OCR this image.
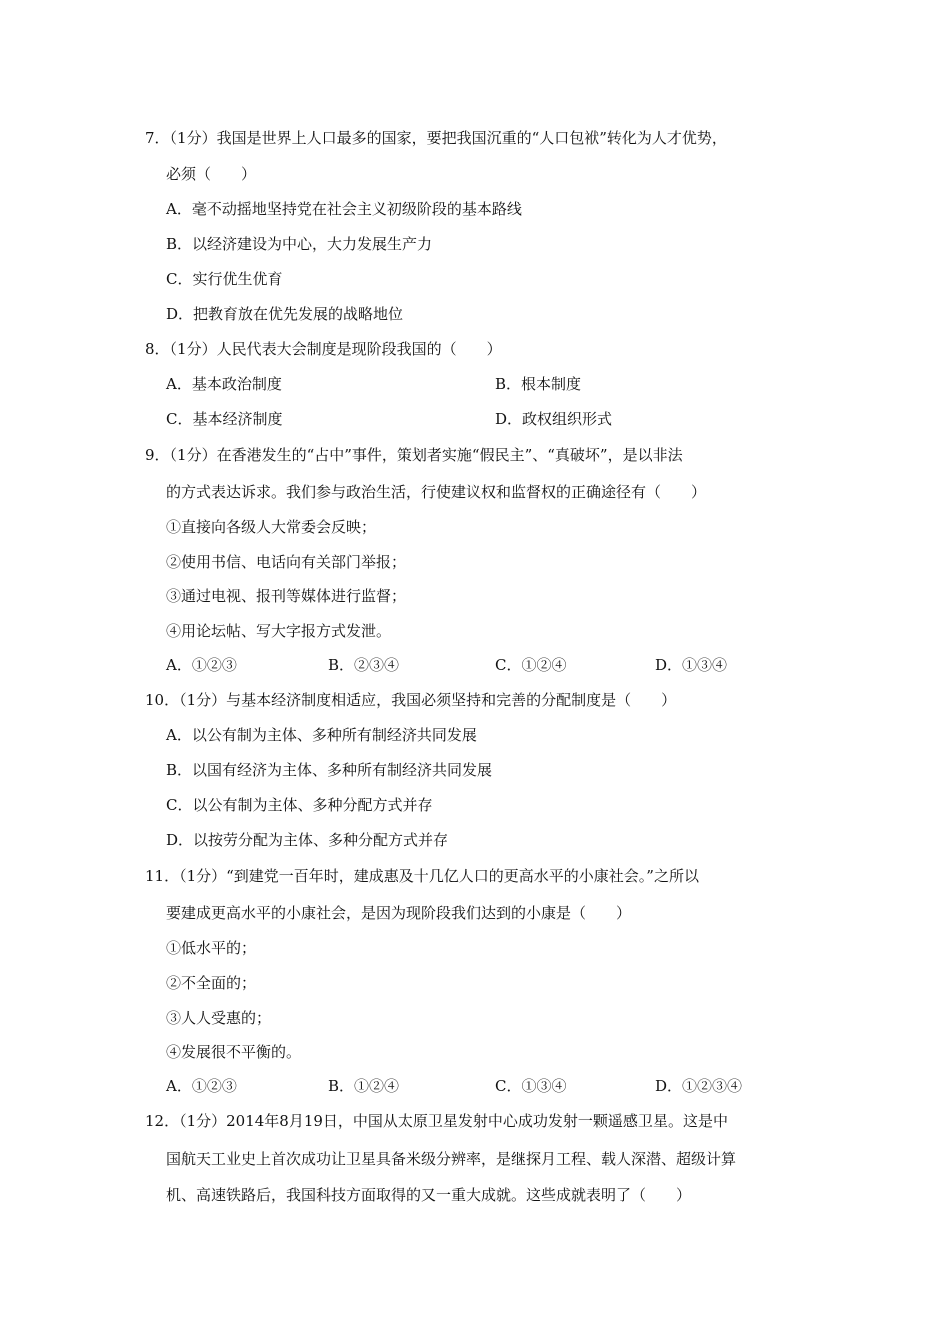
7．（1分）我国是世界上人口最多的国家，要把我国沉重的“人口包袱”转化为人才优势，
必须（　　）
A．毫不动摇地坚持党在社会主义初级阶段的基本路线
B．以经济建设为中心，大力发展生产力
C．实行优生优育
D．把教育放在优先发展的战略地位
8．（1分）人民代表大会制度是现阶段我国的（　　）
A．基本政治制度	B．根本制度
C．基本经济制度	D．政权组织形式
9．（1分）在香港发生的“占中”事件，策划者实施“假民主”、“真破坏”，是以非法
的方式表达诉求。我们参与政治生活，行使建议权和监督权的正确途径有（　　）
①直接向各级人大常委会反映；
②使用书信、电话向有关部门举报；
③通过电视、报刊等媒体进行监督；
④用论坛帖、写大字报方式发泄。
A．①②③	B．②③④	C．①②④	D．①③④
10．（1分）与基本经济制度相适应，我国必须坚持和完善的分配制度是（　　）
A．以公有制为主体、多种所有制经济共同发展
B．以国有经济为主体、多种所有制经济共同发展
C．以公有制为主体、多种分配方式并存
D．以按劳分配为主体、多种分配方式并存
11．（1分）“到建党一百年时，建成惠及十几亿人口的更高水平的小康社会。”之所以
要建成更高水平的小康社会，是因为现阶段我们达到的小康是（　　）
①低水平的；
②不全面的；
③人人受惠的；
④发展很不平衡的。
A．①②③	B．①②④	C．①③④	D．①②③④
12．（1分）2014年8月19日，中国从太原卫星发射中心成功发射一颗遥感卫星。这是中
国航天工业史上首次成功让卫星具备米级分辨率，是继探月工程、载人深潜、超级计算
机、高速铁路后，我国科技方面取得的又一重大成就。这些成就表明了（　　）
